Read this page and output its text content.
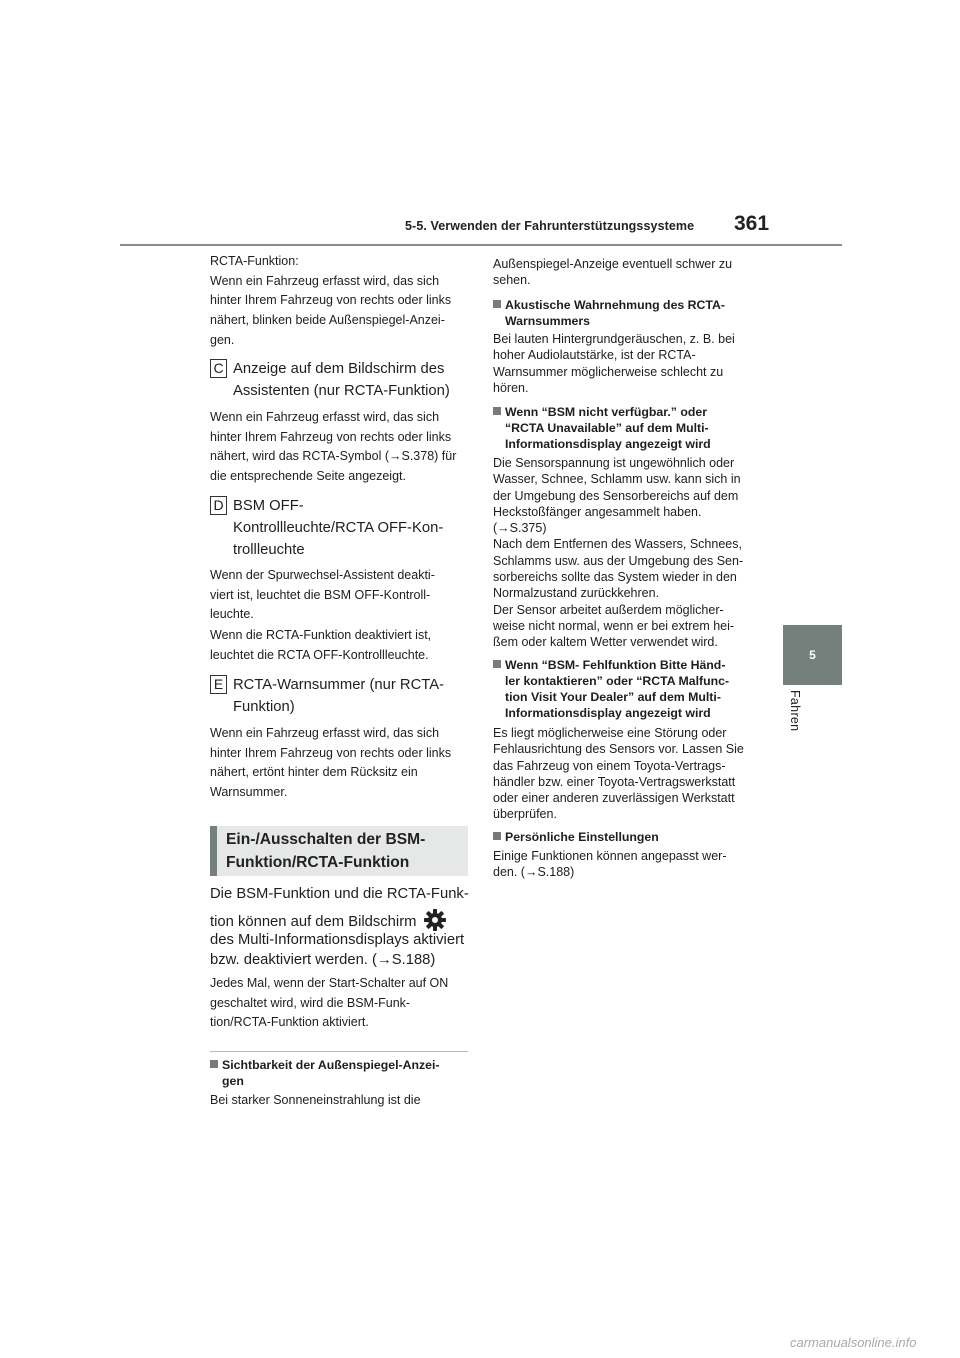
5-5. Verwenden der Fahrunterstützungssysteme 361
5
Fahren
RCTA-Funktion:
Wenn ein Fahrzeug erfasst wird, das sich
hinter Ihrem Fahrzeug von rechts oder links
nähert, blinken beide Außenspiegel-Anzei-
gen.
C Anzeige auf dem Bildschirm des
Assistenten (nur RCTA-Funktion)
Wenn ein Fahrzeug erfasst wird, das sich
hinter Ihrem Fahrzeug von rechts oder links
nähert, wird das RCTA-Symbol (→S.378) für
die entsprechende Seite angezeigt.
D BSM OFF-
Kontrollleuchte/RCTA OFF-Kon-
trollleuchte
Wenn der Spurwechsel-Assistent deakti-
viert ist, leuchtet die BSM OFF-Kontroll-
leuchte.
Wenn die RCTA-Funktion deaktiviert ist,
leuchtet die RCTA OFF-Kontrollleuchte.
E RCTA-Warnsummer (nur RCTA-
Funktion)
Wenn ein Fahrzeug erfasst wird, das sich
hinter Ihrem Fahrzeug von rechts oder links
nähert, ertönt hinter dem Rücksitz ein
Warnsummer.
Ein-/Ausschalten der BSM-
Funktion/RCTA-Funktion
Die BSM-Funktion und die RCTA-Funk-
tion können auf dem Bildschirm
des Multi-Informationsdisplays aktiviert
bzw. deaktiviert werden. (→S.188)
Jedes Mal, wenn der Start-Schalter auf ON
geschaltet wird, wird die BSM-Funk-
tion/RCTA-Funktion aktiviert.
Sichtbarkeit der Außenspiegel-Anzei-
gen
Bei starker Sonneneinstrahlung ist die
Außenspiegel-Anzeige eventuell schwer zu
sehen.
Akustische Wahrnehmung des RCTA-
Warnsummers
Bei lauten Hintergrundgeräuschen, z. B. bei
hoher Audiolautstärke, ist der RCTA-
Warnsummer möglicherweise schlecht zu
hören.
Wenn “BSM nicht verfügbar.” oder
“RCTA Unavailable” auf dem Multi-
Informationsdisplay angezeigt wird
Die Sensorspannung ist ungewöhnlich oder
Wasser, Schnee, Schlamm usw. kann sich in
der Umgebung des Sensorbereichs auf dem
Heckstoßfänger angesammelt haben.
(→S.375)
Nach dem Entfernen des Wassers, Schnees,
Schlamms usw. aus der Umgebung des Sen-
sorbereichs sollte das System wieder in den
Normalzustand zurückkehren.
Der Sensor arbeitet außerdem möglicher-
weise nicht normal, wenn er bei extrem hei-
ßem oder kaltem Wetter verwendet wird.
Wenn “BSM- Fehlfunktion Bitte Händ-
ler kontaktieren” oder “RCTA Malfunc-
tion Visit Your Dealer” auf dem Multi-
Informationsdisplay angezeigt wird
Es liegt möglicherweise eine Störung oder
Fehlausrichtung des Sensors vor. Lassen Sie
das Fahrzeug von einem Toyota-Vertrags-
händler bzw. einer Toyota-Vertragswerkstatt
oder einer anderen zuverlässigen Werkstatt
überprüfen.
Persönliche Einstellungen
Einige Funktionen können angepasst wer-
den. (→S.188)
carmanualsonline.info
